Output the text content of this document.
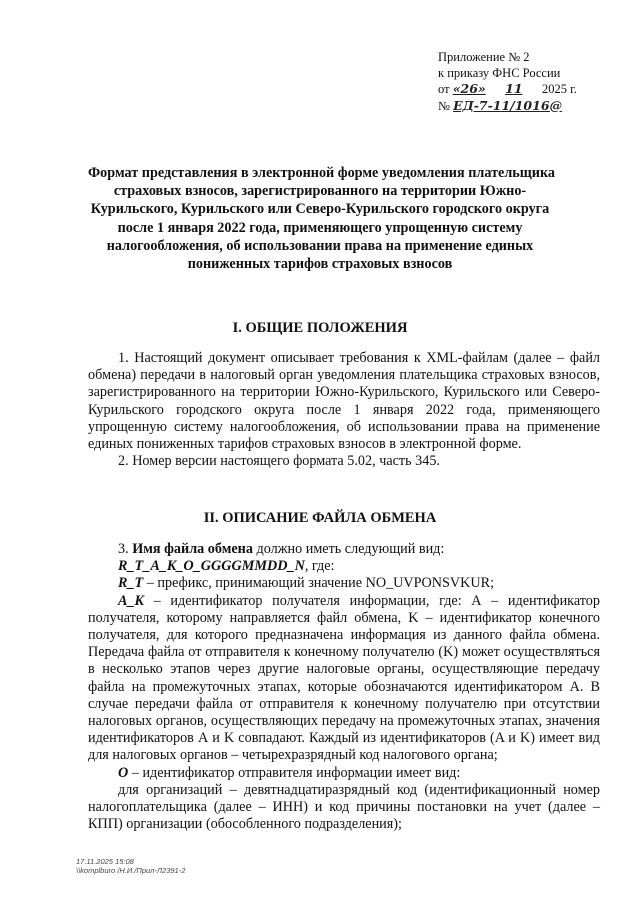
Приложение № 2
к приказу ФНС России
от «26» 11 2025 г.
№ ЕД-7-11/1016@
Формат представления в электронной форме уведомления плательщика
страховых взносов, зарегистрированного на территории Южно-
Курильского, Курильского или Северо-Курильского городского округа
после 1 января 2022 года, применяющего упрощенную систему
налогообложения, об использовании права на применение единых
пониженных тарифов страховых взносов
I. ОБЩИЕ ПОЛОЖЕНИЯ

1. Настоящий документ описывает требования к XML-файлам (далее – файл обмена) передачи в налоговый орган уведомления плательщика страховых взносов, зарегистрированного на территории Южно-Курильского, Курильского или Северо-Курильского городского округа после 1 января 2022 года, применяющего упрощенную систему налогообложения, об использовании права на применение единых пониженных тарифов страховых взносов в электронной форме.

2. Номер версии настоящего формата 5.02, часть 345.

II. ОПИСАНИЕ ФАЙЛА ОБМЕНА

3. Имя файла обмена должно иметь следующий вид:

R_T_A_K_O_GGGGMMDD_N, где:

R_T – префикс, принимающий значение NO_UVPONSVKUR;

A_K – идентификатор получателя информации, где: А – идентификатор получателя, которому направляется файл обмена, K – идентификатор конечного получателя, для которого предназначена информация из данного файла обмена. Передача файла от отправителя к конечному получателю (K) может осуществляться в несколько этапов через другие налоговые органы, осуществляющие передачу файла на промежуточных этапах, которые обозначаются идентификатором А. В случае передачи файла от отправителя к конечному получателю при отсутствии налоговых органов, осуществляющих передачу на промежуточных этапах, значения идентификаторов А и K совпадают. Каждый из идентификаторов (A и K) имеет вид для налоговых органов – четырехразрядный код налогового органа;

О – идентификатор отправителя информации имеет вид:

для организаций – девятнадцатиразрядный код (идентификационный номер налогоплательщика (далее – ИНН) и код причины постановки на учет (далее – КПП) организации (обособленного подразделения);

17.11.2025 15:08
\\komplburo /Н.И./Прил-Л2391-2
